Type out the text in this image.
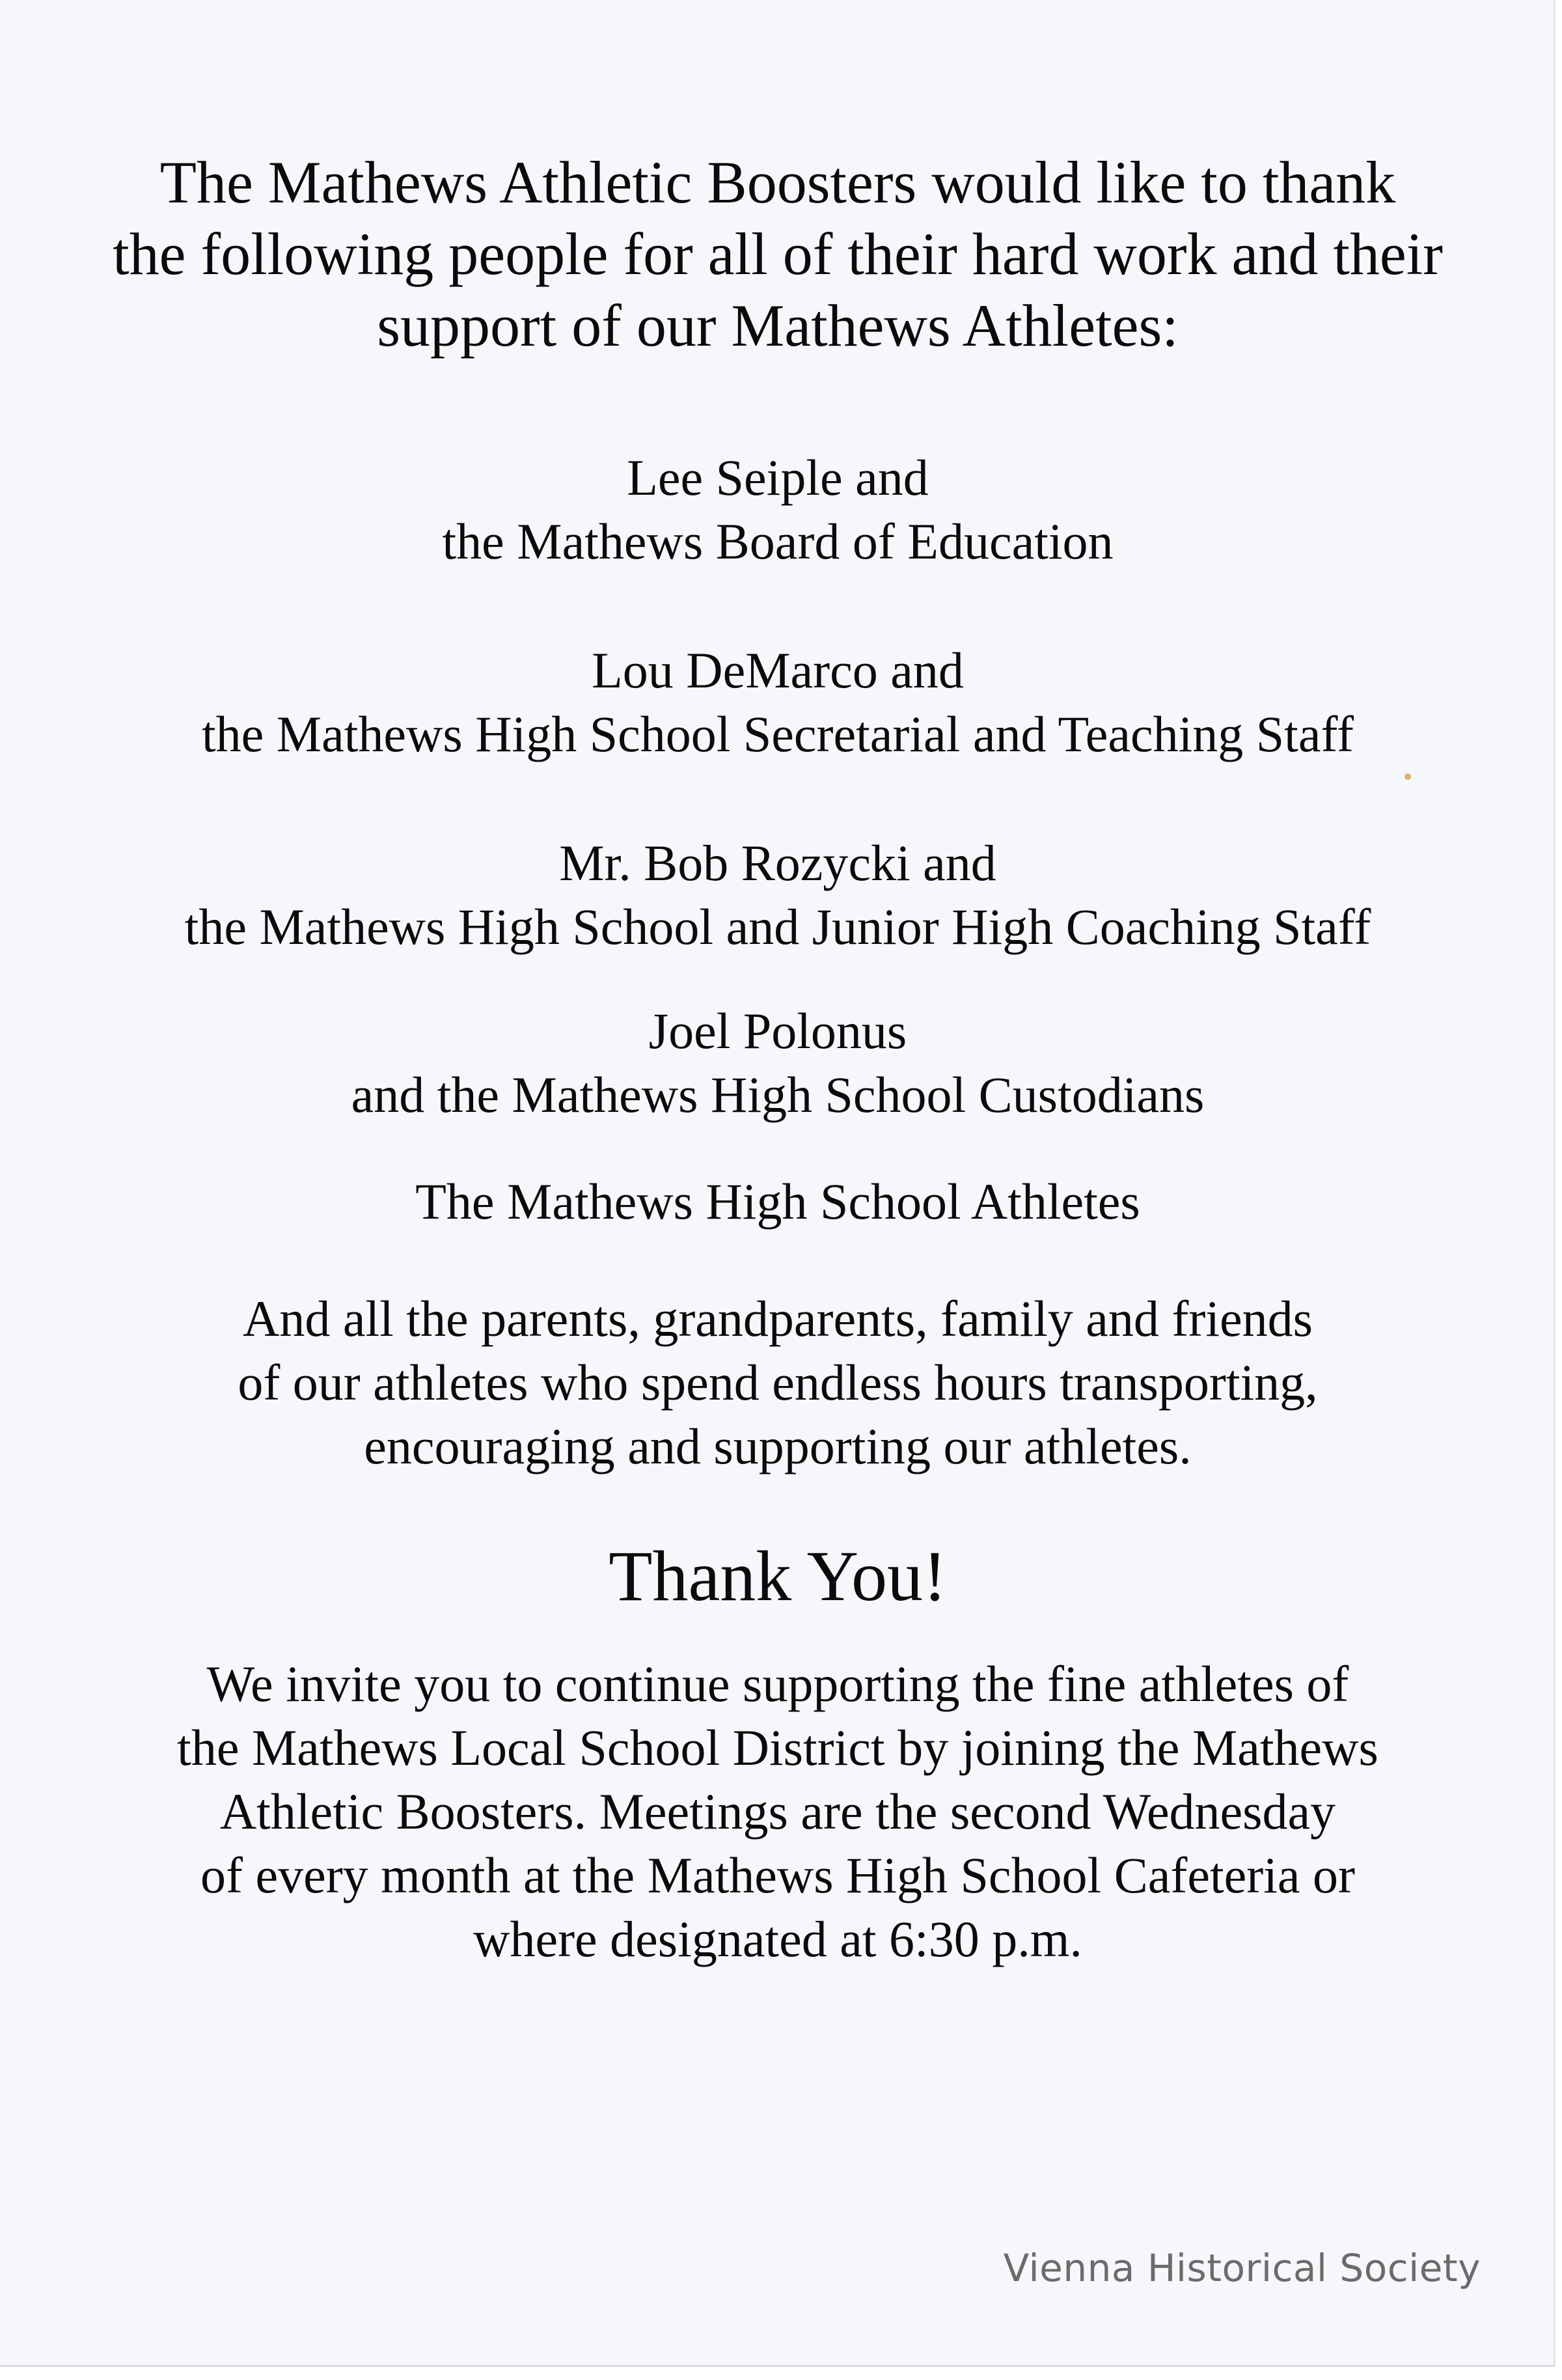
The Mathews Athletic Boosters would like to thank
the following people for all of their hard work and their
support of our Mathews Athletes:

Lee Seiple and
the Mathews Board of Education

Lou DeMarco and
the Mathews High School Secretarial and Teaching Staff

Mr. Bob Rozycki and
the Mathews High School and Junior High Coaching Staff

Joel Polonus
and the Mathews High School Custodians

The Mathews High School Athletes

And all the parents, grandparents, family and friends
of our athletes who spend endless hours transporting,
encouraging and supporting our athletes.

Thank You!

We invite you to continue supporting the fine athletes of
the Mathews Local School District by joining the Mathews
Athletic Boosters. Meetings are the second Wednesday
of every month at the Mathews High School Cafeteria or
where designated at 6:30 p.m.

Vienna Historical Society
